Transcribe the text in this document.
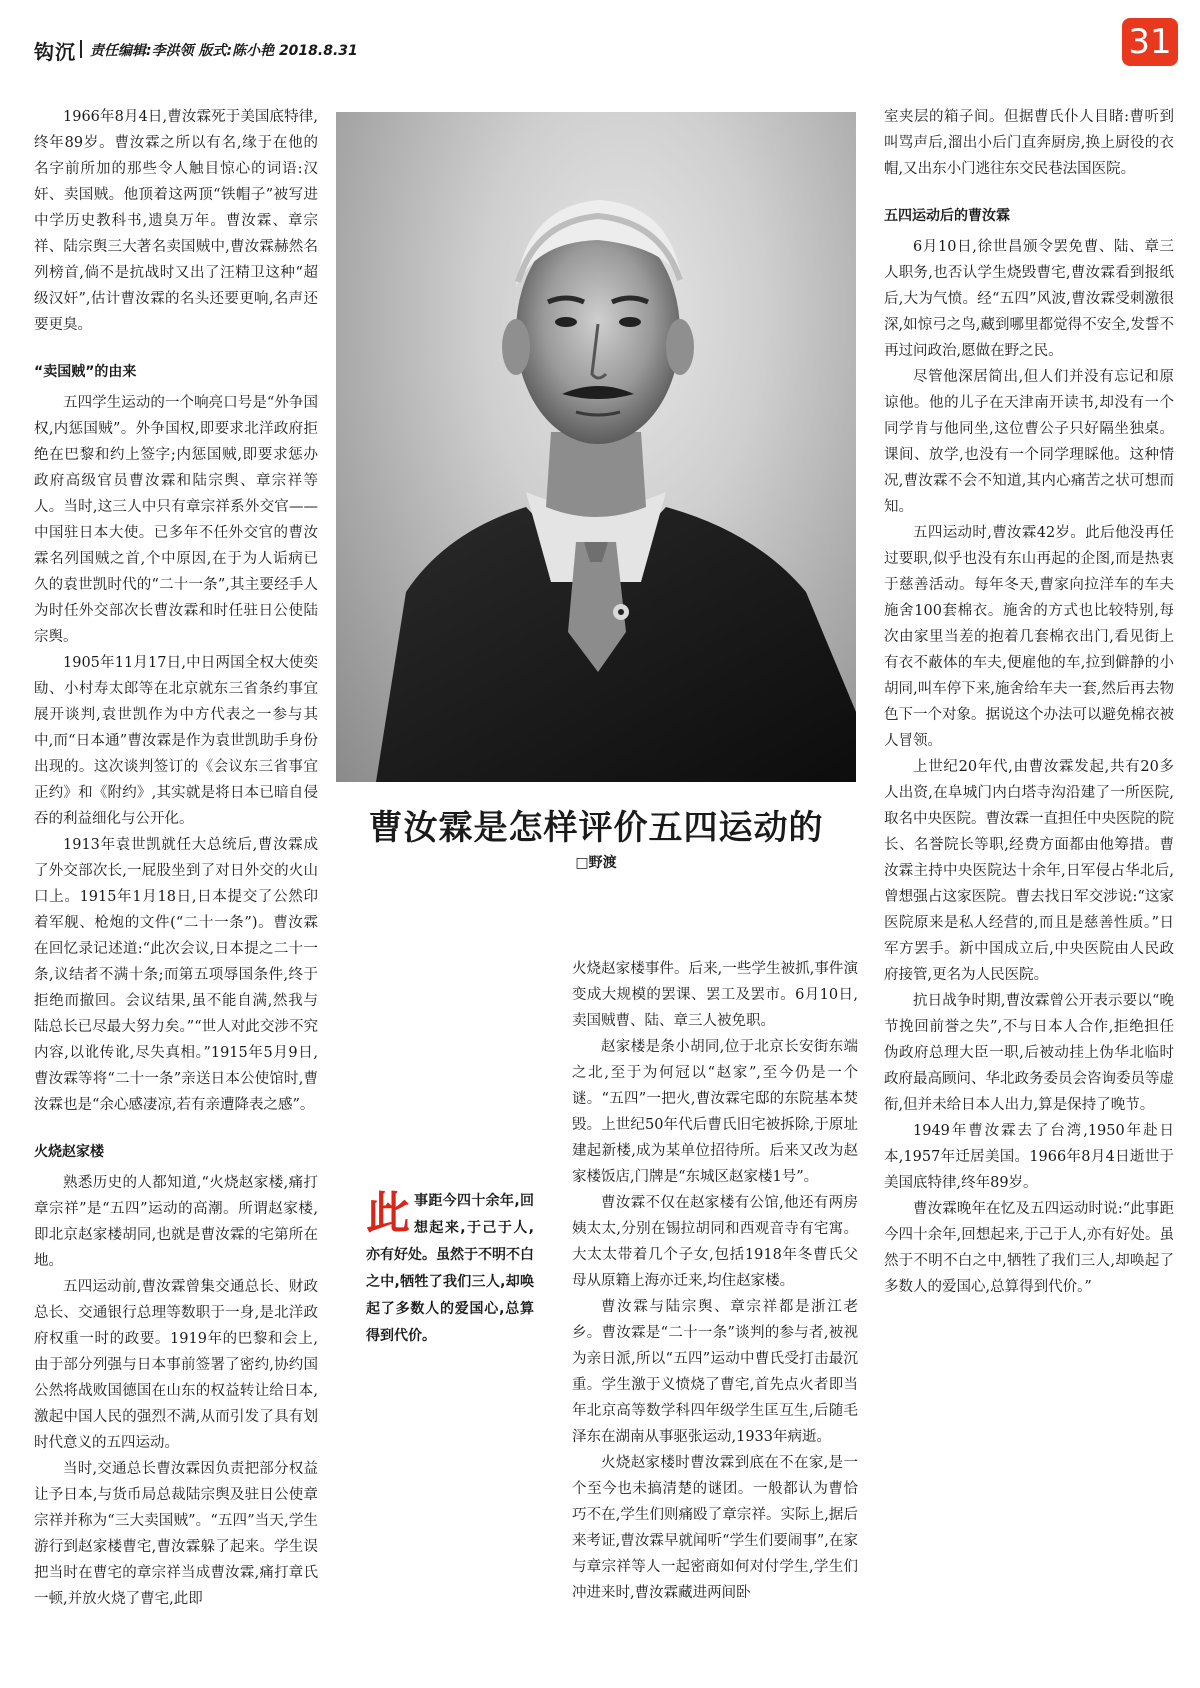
钩沉 责任编辑:李洪领 版式:陈小艳 2018.8.31	31

1966年8月4日,曹汝霖死于美国底特律,终年89岁。曹汝霖之所以有名,缘于在他的名字前所加的那些令人触目惊心的词语:汉奸、卖国贼。他顶着这两顶“铁帽子”被写进中学历史教科书,遗臭万年。曹汝霖、章宗祥、陆宗舆三大著名卖国贼中,曹汝霖赫然名列榜首,倘不是抗战时又出了汪精卫这种“超级汉奸”,估计曹汝霖的名头还要更响,名声还要更臭。

“卖国贼”的由来

五四学生运动的一个响亮口号是“外争国权,内惩国贼”。外争国权,即要求北洋政府拒绝在巴黎和约上签字;内惩国贼,即要求惩办政府高级官员曹汝霖和陆宗舆、章宗祥等人。当时,这三人中只有章宗祥系外交官——中国驻日本大使。已多年不任外交官的曹汝霖名列国贼之首,个中原因,在于为人诟病已久的袁世凯时代的“二十一条”,其主要经手人为时任外交部次长曹汝霖和时任驻日公使陆宗舆。

1905年11月17日,中日两国全权大使奕劻、小村寿太郎等在北京就东三省条约事宜展开谈判,袁世凯作为中方代表之一参与其中,而“日本通”曹汝霖是作为袁世凯助手身份出现的。这次谈判签订的《会议东三省事宜正约》和《附约》,其实就是将日本已暗自侵吞的利益细化与公开化。

1913年袁世凯就任大总统后,曹汝霖成了外交部次长,一屁股坐到了对日外交的火山口上。1915年1月18日,日本提交了公然印着军舰、枪炮的文件(“二十一条”)。曹汝霖在回忆录记述道:“此次会议,日本提之二十一条,议结者不满十条;而第五项辱国条件,终于拒绝而撤回。会议结果,虽不能自满,然我与陆总长已尽最大努力矣。”“世人对此交涉不究内容,以讹传讹,尽失真相。”1915年5月9日,曹汝霖等将“二十一条”亲送日本公使馆时,曹汝霖也是“余心感凄凉,若有亲遭降表之感”。

火烧赵家楼

熟悉历史的人都知道,“火烧赵家楼,痛打章宗祥”是“五四”运动的高潮。所谓赵家楼,即北京赵家楼胡同,也就是曹汝霖的宅第所在地。

五四运动前,曹汝霖曾集交通总长、财政总长、交通银行总理等数职于一身,是北洋政府权重一时的政要。1919年的巴黎和会上,由于部分列强与日本事前签署了密约,协约国公然将战败国德国在山东的权益转让给日本,激起中国人民的强烈不满,从而引发了具有划时代意义的五四运动。

当时,交通总长曹汝霖因负责把部分权益让予日本,与货币局总裁陆宗舆及驻日公使章宗祥并称为“三大卖国贼”。“五四”当天,学生游行到赵家楼曹宅,曹汝霖躲了起来。学生误把当时在曹宅的章宗祥当成曹汝霖,痛打章氏一顿,并放火烧了曹宅,此即

曹汝霖是怎样评价五四运动的
□野渡
此事距今四十余年,回想起来,于己于人,亦有好处。虽然于不明不白之中,牺牲了我们三人,却唤起了多数人的爱国心,总算得到代价。

火烧赵家楼事件。后来,一些学生被抓,事件演变成大规模的罢课、罢工及罢市。6月10日,卖国贼曹、陆、章三人被免职。

赵家楼是条小胡同,位于北京长安街东端之北,至于为何冠以“赵家”,至今仍是一个谜。“五四”一把火,曹汝霖宅邸的东院基本焚毁。上世纪50年代后曹氏旧宅被拆除,于原址建起新楼,成为某单位招待所。后来又改为赵家楼饭店,门牌是“东城区赵家楼1号”。

曹汝霖不仅在赵家楼有公馆,他还有两房姨太太,分别在锡拉胡同和西观音寺有宅寓。大太太带着几个子女,包括1918年冬曹氏父母从原籍上海亦迁来,均住赵家楼。

曹汝霖与陆宗舆、章宗祥都是浙江老乡。曹汝霖是“二十一条”谈判的参与者,被视为亲日派,所以“五四”运动中曹氏受打击最沉重。学生激于义愤烧了曹宅,首先点火者即当年北京高等数学科四年级学生匡互生,后随毛泽东在湖南从事驱张运动,1933年病逝。

火烧赵家楼时曹汝霖到底在不在家,是一个至今也未搞清楚的谜团。一般都认为曹恰巧不在,学生们则痛殴了章宗祥。实际上,据后来考证,曹汝霖早就闻听“学生们要闹事”,在家与章宗祥等人一起密商如何对付学生,学生们冲进来时,曹汝霖藏进两间卧

室夹层的箱子间。但据曹氏仆人目睹:曹听到叫骂声后,溜出小后门直奔厨房,换上厨役的衣帽,又出东小门逃往东交民巷法国医院。

五四运动后的曹汝霖

6月10日,徐世昌颁令罢免曹、陆、章三人职务,也否认学生烧毁曹宅,曹汝霖看到报纸后,大为气愤。经“五四”风波,曹汝霖受刺激很深,如惊弓之鸟,藏到哪里都觉得不安全,发誓不再过问政治,愿做在野之民。

尽管他深居简出,但人们并没有忘记和原谅他。他的儿子在天津南开读书,却没有一个同学肯与他同坐,这位曹公子只好隔坐独桌。课间、放学,也没有一个同学理睬他。这种情况,曹汝霖不会不知道,其内心痛苦之状可想而知。

五四运动时,曹汝霖42岁。此后他没再任过要职,似乎也没有东山再起的企图,而是热衷于慈善活动。每年冬天,曹家向拉洋车的车夫施舍100套棉衣。施舍的方式也比较特别,每次由家里当差的抱着几套棉衣出门,看见街上有衣不蔽体的车夫,便雇他的车,拉到僻静的小胡同,叫车停下来,施舍给车夫一套,然后再去物色下一个对象。据说这个办法可以避免棉衣被人冒领。

上世纪20年代,由曹汝霖发起,共有20多人出资,在阜城门内白塔寺沟沿建了一所医院,取名中央医院。曹汝霖一直担任中央医院的院长、名誉院长等职,经费方面都由他筹措。曹汝霖主持中央医院达十余年,日军侵占华北后,曾想强占这家医院。曹去找日军交涉说:“这家医院原来是私人经营的,而且是慈善性质。”日军方罢手。新中国成立后,中央医院由人民政府接管,更名为人民医院。

抗日战争时期,曹汝霖曾公开表示要以“晚节挽回前誉之失”,不与日本人合作,拒绝担任伪政府总理大臣一职,后被动挂上伪华北临时政府最高顾问、华北政务委员会咨询委员等虚衔,但并未给日本人出力,算是保持了晚节。

1949年曹汝霖去了台湾,1950年赴日本,1957年迁居美国。1966年8月4日逝世于美国底特律,终年89岁。

曹汝霖晚年在忆及五四运动时说:“此事距今四十余年,回想起来,于己于人,亦有好处。虽然于不明不白之中,牺牲了我们三人,却唤起了多数人的爱国心,总算得到代价。”
